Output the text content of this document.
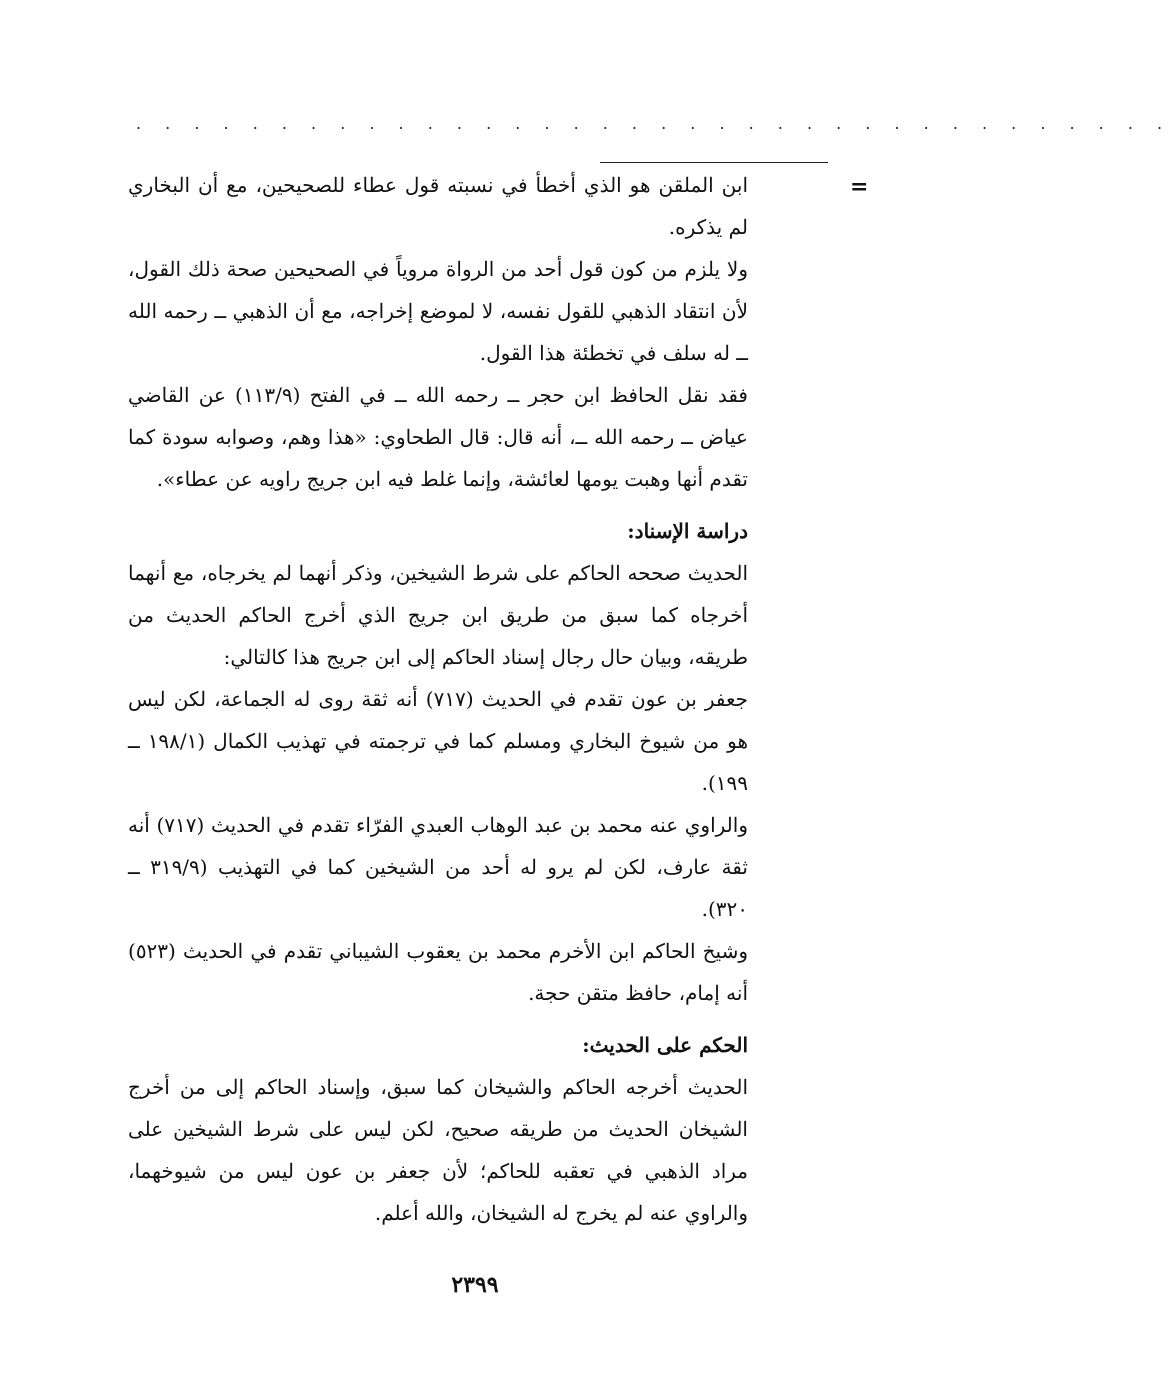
. . . . . . . . . . . . . . . . . . . . . . . . . . . . . . . . . . . .
=

ابن الملقن هو الذي أخطأ في نسبته قول عطاء للصحيحين، مع أن البخاري لم يذكره.

ولا يلزم من كون قول أحد من الرواة مروياً في الصحيحين صحة ذلك القول، لأن انتقاد الذهبي للقول نفسه، لا لموضع إخراجه، مع أن الذهبي ــ رحمه الله ــ له سلف في تخطئة هذا القول.

فقد نقل الحافظ ابن حجر ــ رحمه الله ــ في الفتح (١١٣/٩) عن القاضي عياض ــ رحمه الله ــ، أنه قال: قال الطحاوي: «هذا وهم، وصوابه سودة كما تقدم أنها وهبت يومها لعائشة، وإنما غلط فيه ابن جريج راويه عن عطاء».

دراسة الإسناد:

الحديث صححه الحاكم على شرط الشيخين، وذكر أنهما لم يخرجاه، مع أنهما أخرجاه كما سبق من طريق ابن جريج الذي أخرج الحاكم الحديث من طريقه، وبيان حال رجال إسناد الحاكم إلى ابن جريج هذا كالتالي:

جعفر بن عون تقدم في الحديث (٧١٧) أنه ثقة روى له الجماعة، لكن ليس هو من شيوخ البخاري ومسلم كما في ترجمته في تهذيب الكمال (١٩٨/١ ــ ١٩٩).

والراوي عنه محمد بن عبد الوهاب العبدي الفرّاء تقدم في الحديث (٧١٧) أنه ثقة عارف، لكن لم يرو له أحد من الشيخين كما في التهذيب (٣١٩/٩ ــ ٣٢٠).

وشيخ الحاكم ابن الأخرم محمد بن يعقوب الشيباني تقدم في الحديث (٥٢٣) أنه إمام، حافظ متقن حجة.

الحكم على الحديث:

الحديث أخرجه الحاكم والشيخان كما سبق، وإسناد الحاكم إلى من أخرج الشيخان الحديث من طريقه صحيح، لكن ليس على شرط الشيخين على مراد الذهبي في تعقبه للحاكم؛ لأن جعفر بن عون ليس من شيوخهما، والراوي عنه لم يخرج له الشيخان، والله أعلم.

٢٣٩٩
